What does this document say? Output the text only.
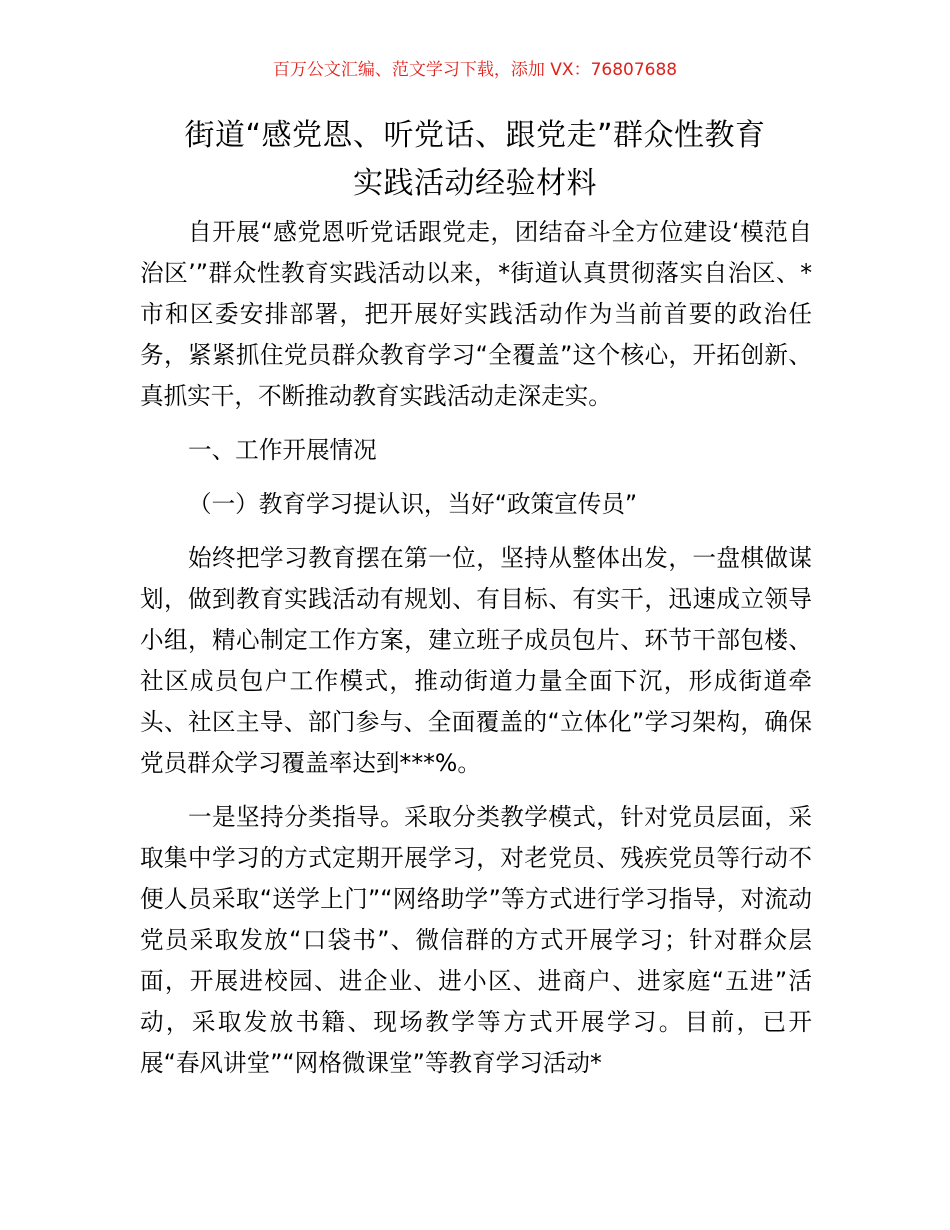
百万公文汇编、范文学习下载，添加 VX：76807688
街道“感党恩、听党话、跟党走”群众性教育
实践活动经验材料

自开展“感党恩听党话跟党走，团结奋斗全方位建设‘模范自治区’”群众性教育实践活动以来，*街道认真贯彻落实自治区、*市和区委安排部署，把开展好实践活动作为当前首要的政治任务，紧紧抓住党员群众教育学习“全覆盖”这个核心，开拓创新、真抓实干，不断推动教育实践活动走深走实。

一、工作开展情况

（一）教育学习提认识，当好“政策宣传员”

始终把学习教育摆在第一位，坚持从整体出发，一盘棋做谋划，做到教育实践活动有规划、有目标、有实干，迅速成立领导小组，精心制定工作方案，建立班子成员包片、环节干部包楼、社区成员包户工作模式，推动街道力量全面下沉，形成街道牵头、社区主导、部门参与、全面覆盖的“立体化”学习架构，确保党员群众学习覆盖率达到***%。

一是坚持分类指导。采取分类教学模式，针对党员层面，采取集中学习的方式定期开展学习，对老党员、残疾党员等行动不便人员采取“送学上门”“网络助学”等方式进行学习指导，对流动党员采取发放“口袋书”、微信群的方式开展学习；针对群众层面，开展进校园、进企业、进小区、进商户、进家庭“五进”活动，采取发放书籍、现场教学等方式开展学习。目前，已开展“春风讲堂”“网格微课堂”等教育学习活动*
